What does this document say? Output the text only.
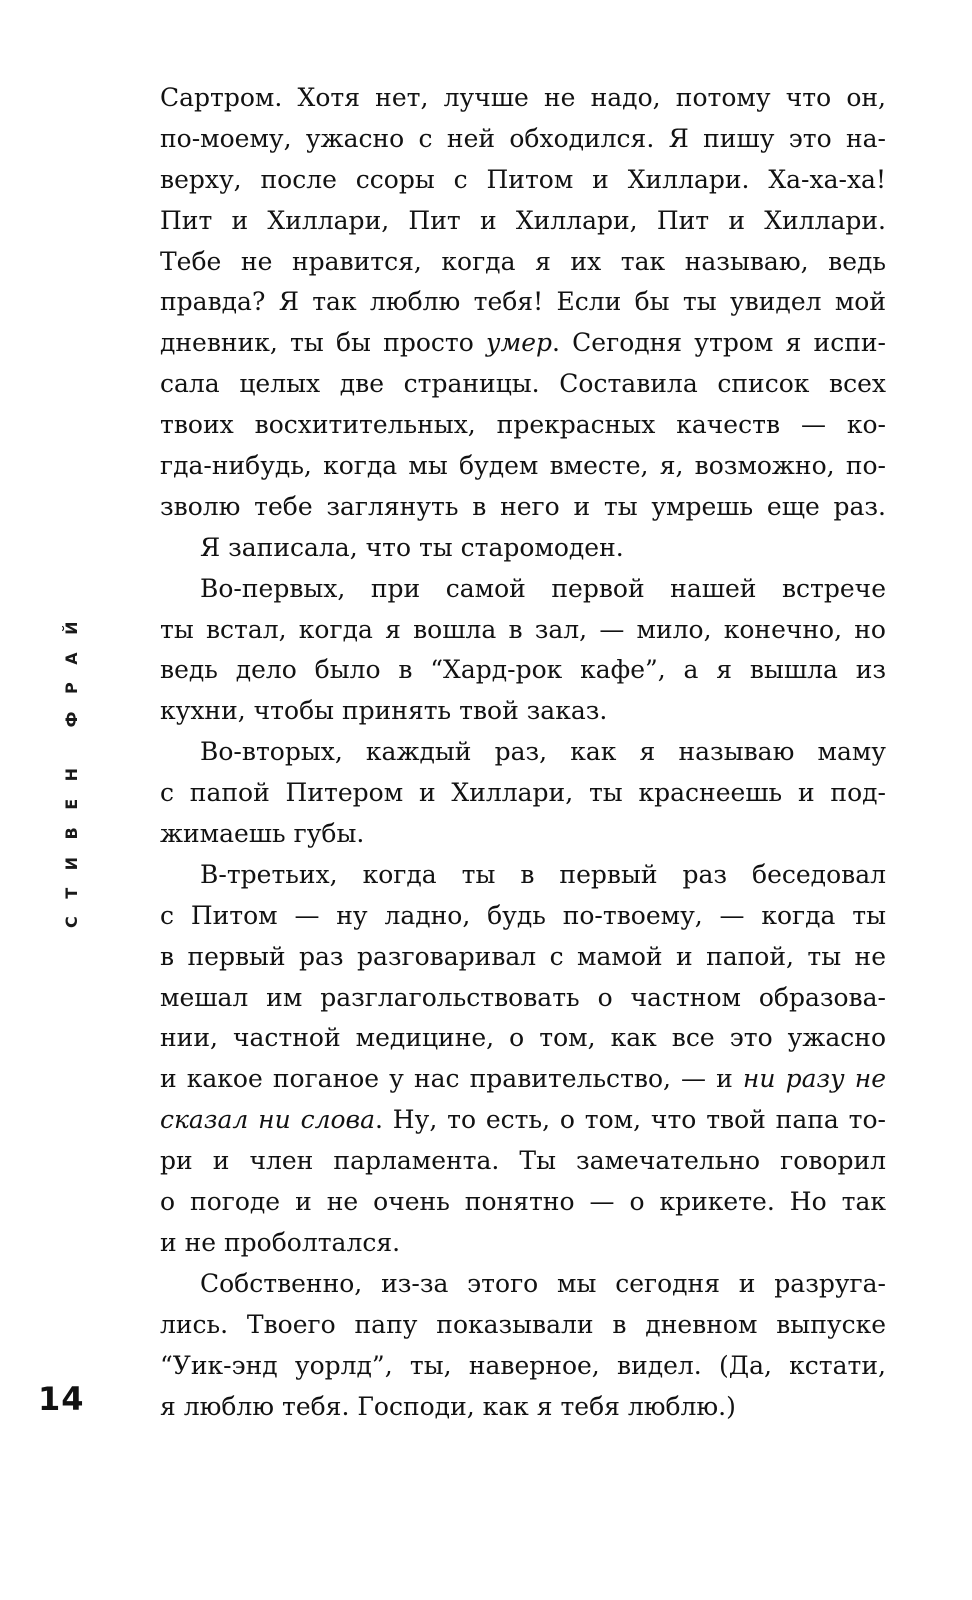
СТИВЕН ФРАЙ
Сартром. Хотя нет, лучше не надо, потому что он,
по-моему, ужасно с ней обходился. Я пишу это на-
верху, после ссоры с Питом и Хиллари. Ха-ха-ха!
Пит и Хиллари, Пит и Хиллари, Пит и Хиллари.
Тебе не нравится, когда я их так называю, ведь
правда? Я так люблю тебя! Если бы ты увидел мой
дневник, ты бы просто умер. Сегодня утром я испи-
сала целых две страницы. Составила список всех
твоих восхитительных, прекрасных качеств — ко-
гда-нибудь, когда мы будем вместе, я, возможно, по-
зволю тебе заглянуть в него и ты умрешь еще раз.
Я записала, что ты старомоден.
Во-первых, при самой первой нашей встрече
ты встал, когда я вошла в зал, — мило, конечно, но
ведь дело было в “Хард-рок кафе”, а я вышла из
кухни, чтобы принять твой заказ.
Во-вторых, каждый раз, как я называю маму
с папой Питером и Хиллари, ты краснеешь и под-
жимаешь губы.
В-третьих, когда ты в первый раз беседовал
с Питом — ну ладно, будь по-твоему, — когда ты
в первый раз разговаривал с мамой и папой, ты не
мешал им разглагольствовать о частном образова-
нии, частной медицине, о том, как все это ужасно
и какое поганое у нас правительство, — и ни разу не
сказал ни слова. Ну, то есть, о том, что твой папа то-
ри и член парламента. Ты замечательно говорил
о погоде и не очень понятно — о крикете. Но так
и не проболтался.
Собственно, из-за этого мы сегодня и разруга-
лись. Твоего папу показывали в дневном выпуске
“Уик-энд уорлд”, ты, наверное, видел. (Да, кстати,
я люблю тебя. Господи, как я тебя люблю.)
14
